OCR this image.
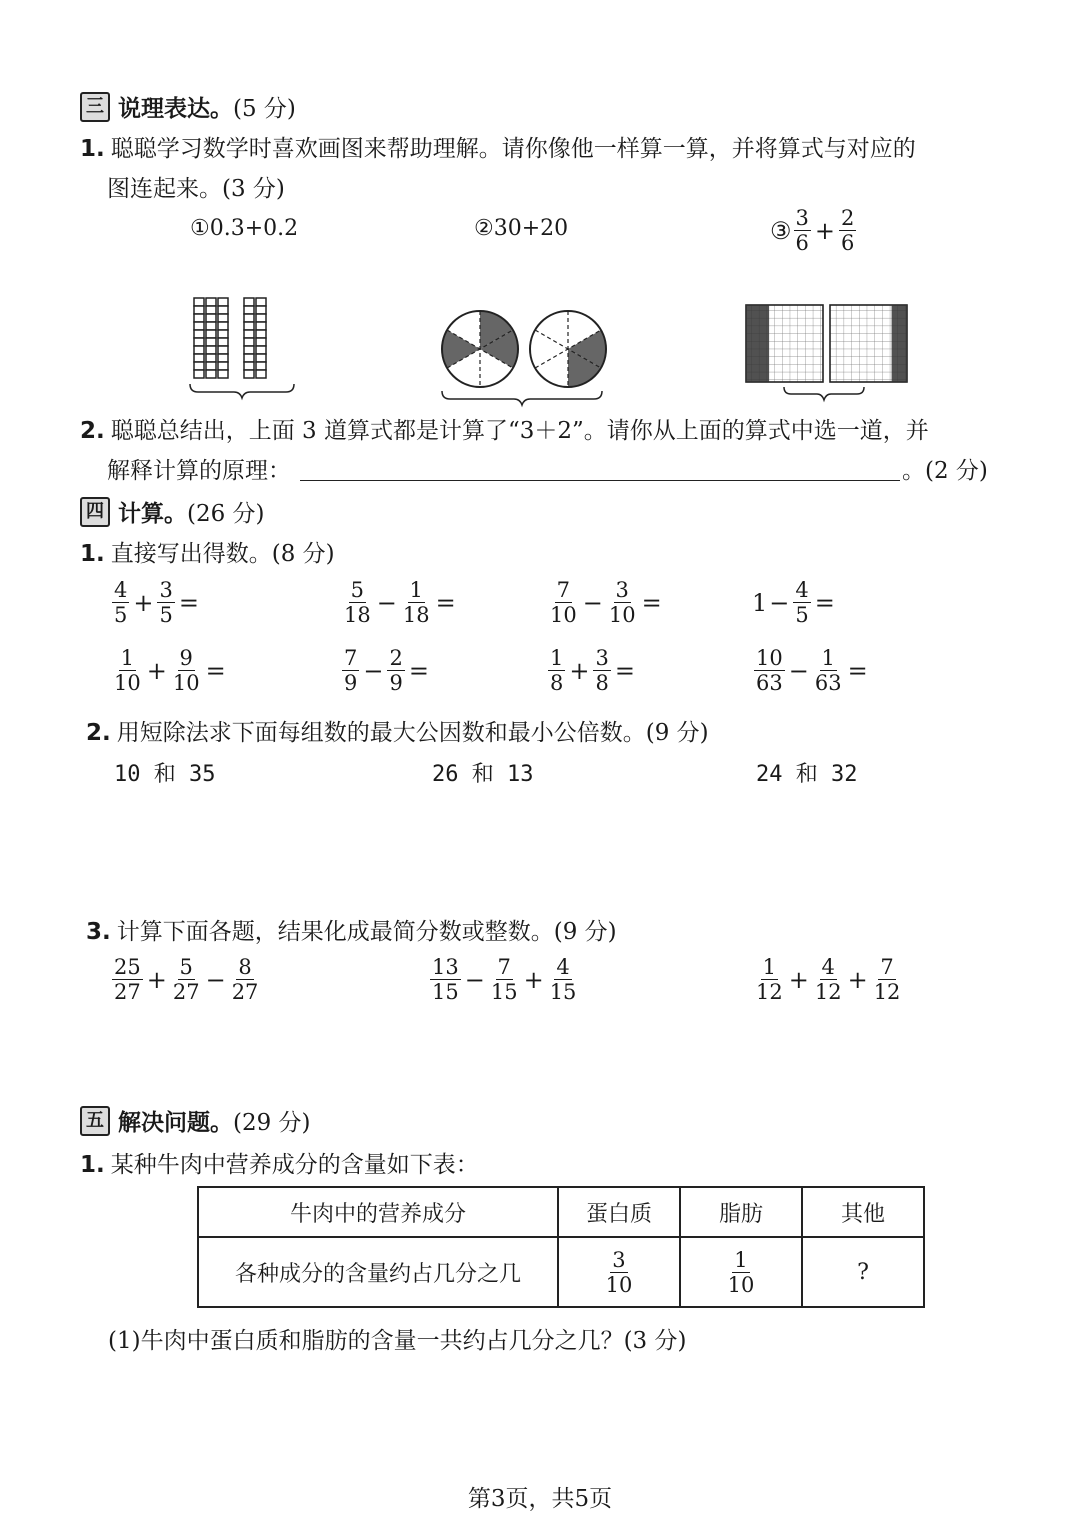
三 说理表达。 (5 分)
1. 聪聪学习数学时喜欢画图来帮助理解。请你像他一样算一算，并将算式与对应的
图连起来。(3 分)
①0.3+0.2	②30+20	③ $\frac{3}{6} + \frac{2}{6}$
2. 聪聪总结出，上面 3 道算式都是计算了“3＋2”。请你从上面的算式中选一道，并
解释计算的原理：	。(2 分)
四 计算。 (26 分)
1. 直接写出得数。(8 分)
$\frac{4}{5} + \frac{3}{5}$ =	$\frac{5}{18} - \frac{1}{18}$ =	$\frac{7}{10} - \frac{3}{10}$ =	$1 - \frac{4}{5}$ =
$\frac{1}{10} + \frac{9}{10}$ =	$\frac{7}{9} - \frac{2}{9}$ =	$\frac{1}{8} + \frac{3}{8}$ =	$\frac{10}{63} - \frac{1}{63}$ =
2. 用短除法求下面每组数的最大公因数和最小公倍数。(9 分)
10 和 35	26 和 13	24 和 32
3. 计算下面各题，结果化成最简分数或整数。(9 分)
$\frac{25}{27} + \frac{5}{27} - \frac{8}{27}$	$\frac{13}{15} - \frac{7}{15} + \frac{4}{15}$	$\frac{1}{12} + \frac{4}{12} + \frac{7}{12}$
五 解决问题。 (29 分)
1. 某种牛肉中营养成分的含量如下表：
牛肉中的营养成分	蛋白质	脂肪	其他
各种成分的含量约占几分之几	$\frac{3}{10}$	$\frac{1}{10}$	?
(1)牛肉中蛋白质和脂肪的含量一共约占几分之几？(3 分)
第3页，共5页
